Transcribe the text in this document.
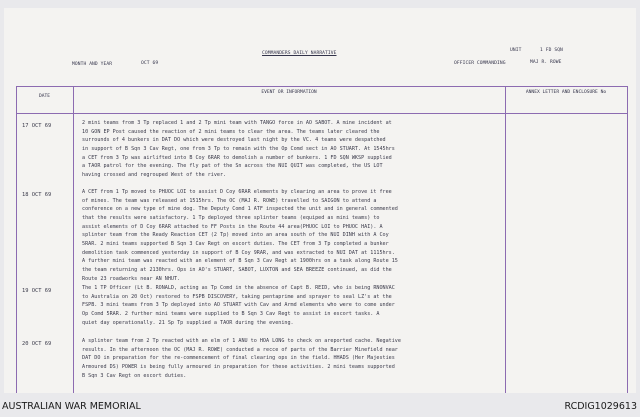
COMMANDERS DAILY NARRATIVE
UNIT	1 FD SQN
MONTH AND YEAR	OCT 69	OFFICER COMMANDING	MAJ R. ROWE
DATE
EVENT OR INFORMATION	ANNEX LETTER AND ENCLOSURE No
17 OCT 69	2 mini teams from 3 Tp replaced 1 and 2 Tp mini team with TANGO force in AO SABOT. A mine incident at
10 GON EP Post caused the reaction of 2 mini teams to clear the area. The teams later cleared the
surrounds of 4 bunkers in DAT DO which were destroyed last night by the VC. 4 teams were despatched
in support of B Sqn 3 Cav Regt, one from 3 Tp to remain with the Op Comd sect in AO STUART. At 1545hrs
a CET from 3 Tp was airlifted into B Coy 6RAR to demolish a number of bunkers. 1 FD SQN WKSP supplied
a TAOR patrol for the evening. The fly pat of the Sn across the NUI QUIT was completed, the US LOT
having crossed and regrouped West of the river.
18 OCT 69	A CET from 1 Tp moved to PHUOC LOI to assist D Coy 6RAR elements by clearing an area to prove it free
of mines. The team was released at 1515hrs. The OC (MAJ R. ROWE) travelled to SAIGON to attend a
conference on a new type of mine dog. The Deputy Comd 1 ATF inspected the unit and in general commented
that the results were satisfactory. 1 Tp deployed three splinter teams (equiped as mini teams) to
assist elements of D Coy 6RAR attached to FF Posts in the Route 44 area(PHUOC LOI to PHUOC HAI). A
splinter team from the Ready Reaction CET (2 Tp) moved into an area south of the NUI DINH with A Coy
5RAR. 2 mini teams supported B Sqn 3 Cav Regt on escort duties. The CET from 3 Tp completed a bunker
demolition task commenced yesterday in support of B Coy 9RAR, and was extracted to NUI DAT at 1115hrs.
A further mini team was reacted with an element of B Sqn 3 Cav Regt at 1900hrs on a task along Route 15
the team returning at 2130hrs. Ops in AO's STUART, SABOT, LUXTON and SEA BREEZE continued, as did the
Route 23 roadworks near AN NHUT.
19 OCT 69	The 1 TP Officer (Lt B. RONALD, acting as Tp Comd in the absence of Capt B. REID, who is being RNONVAC
to Australia on 20 Oct) restored to FSPB DISCOVERY, taking pentaprime and sprayer to seal LZ's at the
FSPB. 3 mini teams from 3 Tp deployed into AO STUART with Cav and Armd elements who were to come under
Op Comd 5RAR. 2 further mini teams were supplied to B Sqn 3 Cav Regt to assist in escort tasks. A
quiet day operationally. 21 Sp Tp supplied a TAOR during the evening.
20 OCT 69	A splinter team from 2 Tp reacted with an elm of 1 ANU to HOA LONG to check on areported cache. Negative
results. In the afternoon the OC (MAJ R. ROWE) conducted a recce of parts of the Barrier Minefield near
DAT DO in preparation for the re-commencement of final clearing ops in the field. HHADS (Her Majesties
Armoured DS) POWER is being fully armoured in preparation for these activities. 2 mini teams supported
B Sqn 3 Cav Regt on escort duties.
AUSTRALIAN WAR MEMORIAL	RCDIG1029613
